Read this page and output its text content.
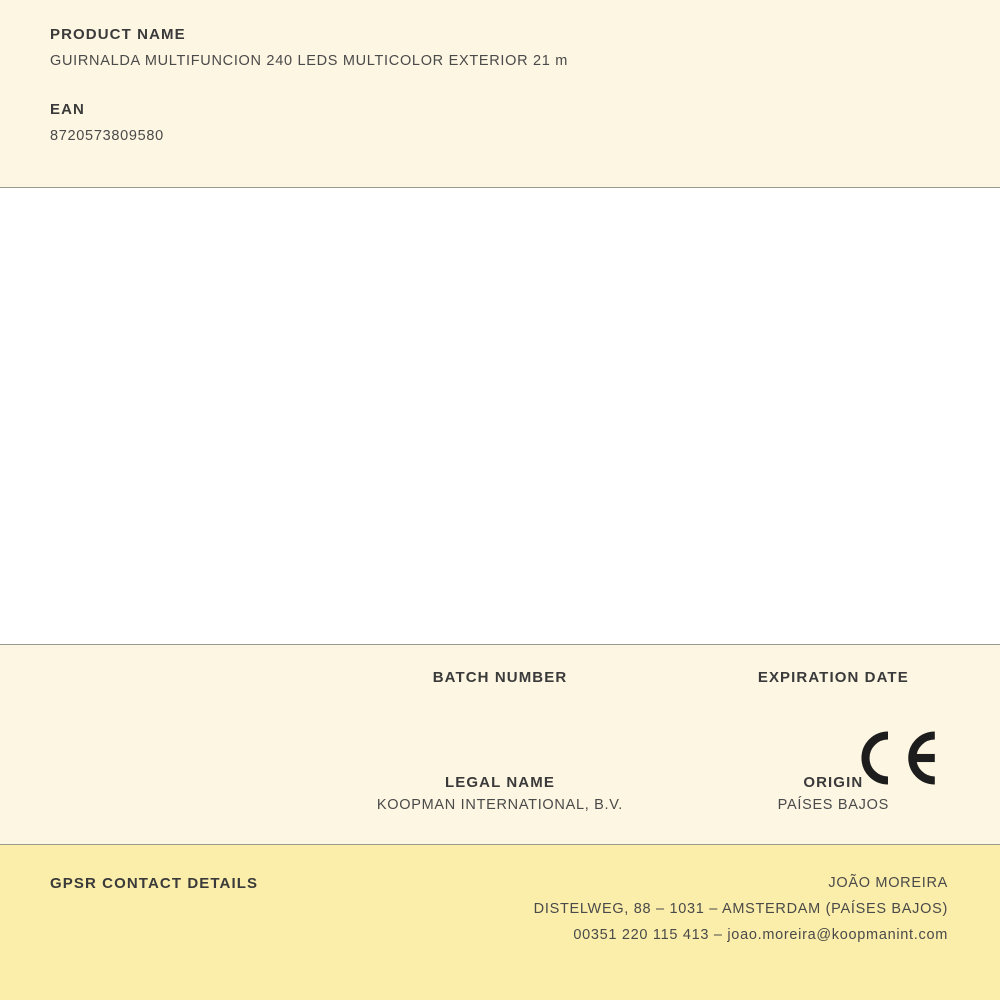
PRODUCT NAME

GUIRNALDA MULTIFUNCION 240 LEDS MULTICOLOR EXTERIOR 21 m

EAN

8720573809580

BATCH NUMBER	EXPIRATION DATE

LEGAL NAME

KOOPMAN INTERNATIONAL, B.V.

ORIGIN

PAÍSES BAJOS

GPSR CONTACT DETAILS	JOÃO MOREIRA

DISTELWEG, 88 – 1031 – AMSTERDAM (PAÍSES BAJOS)

00351 220 115 413 – joao.moreira@koopmanint.com
